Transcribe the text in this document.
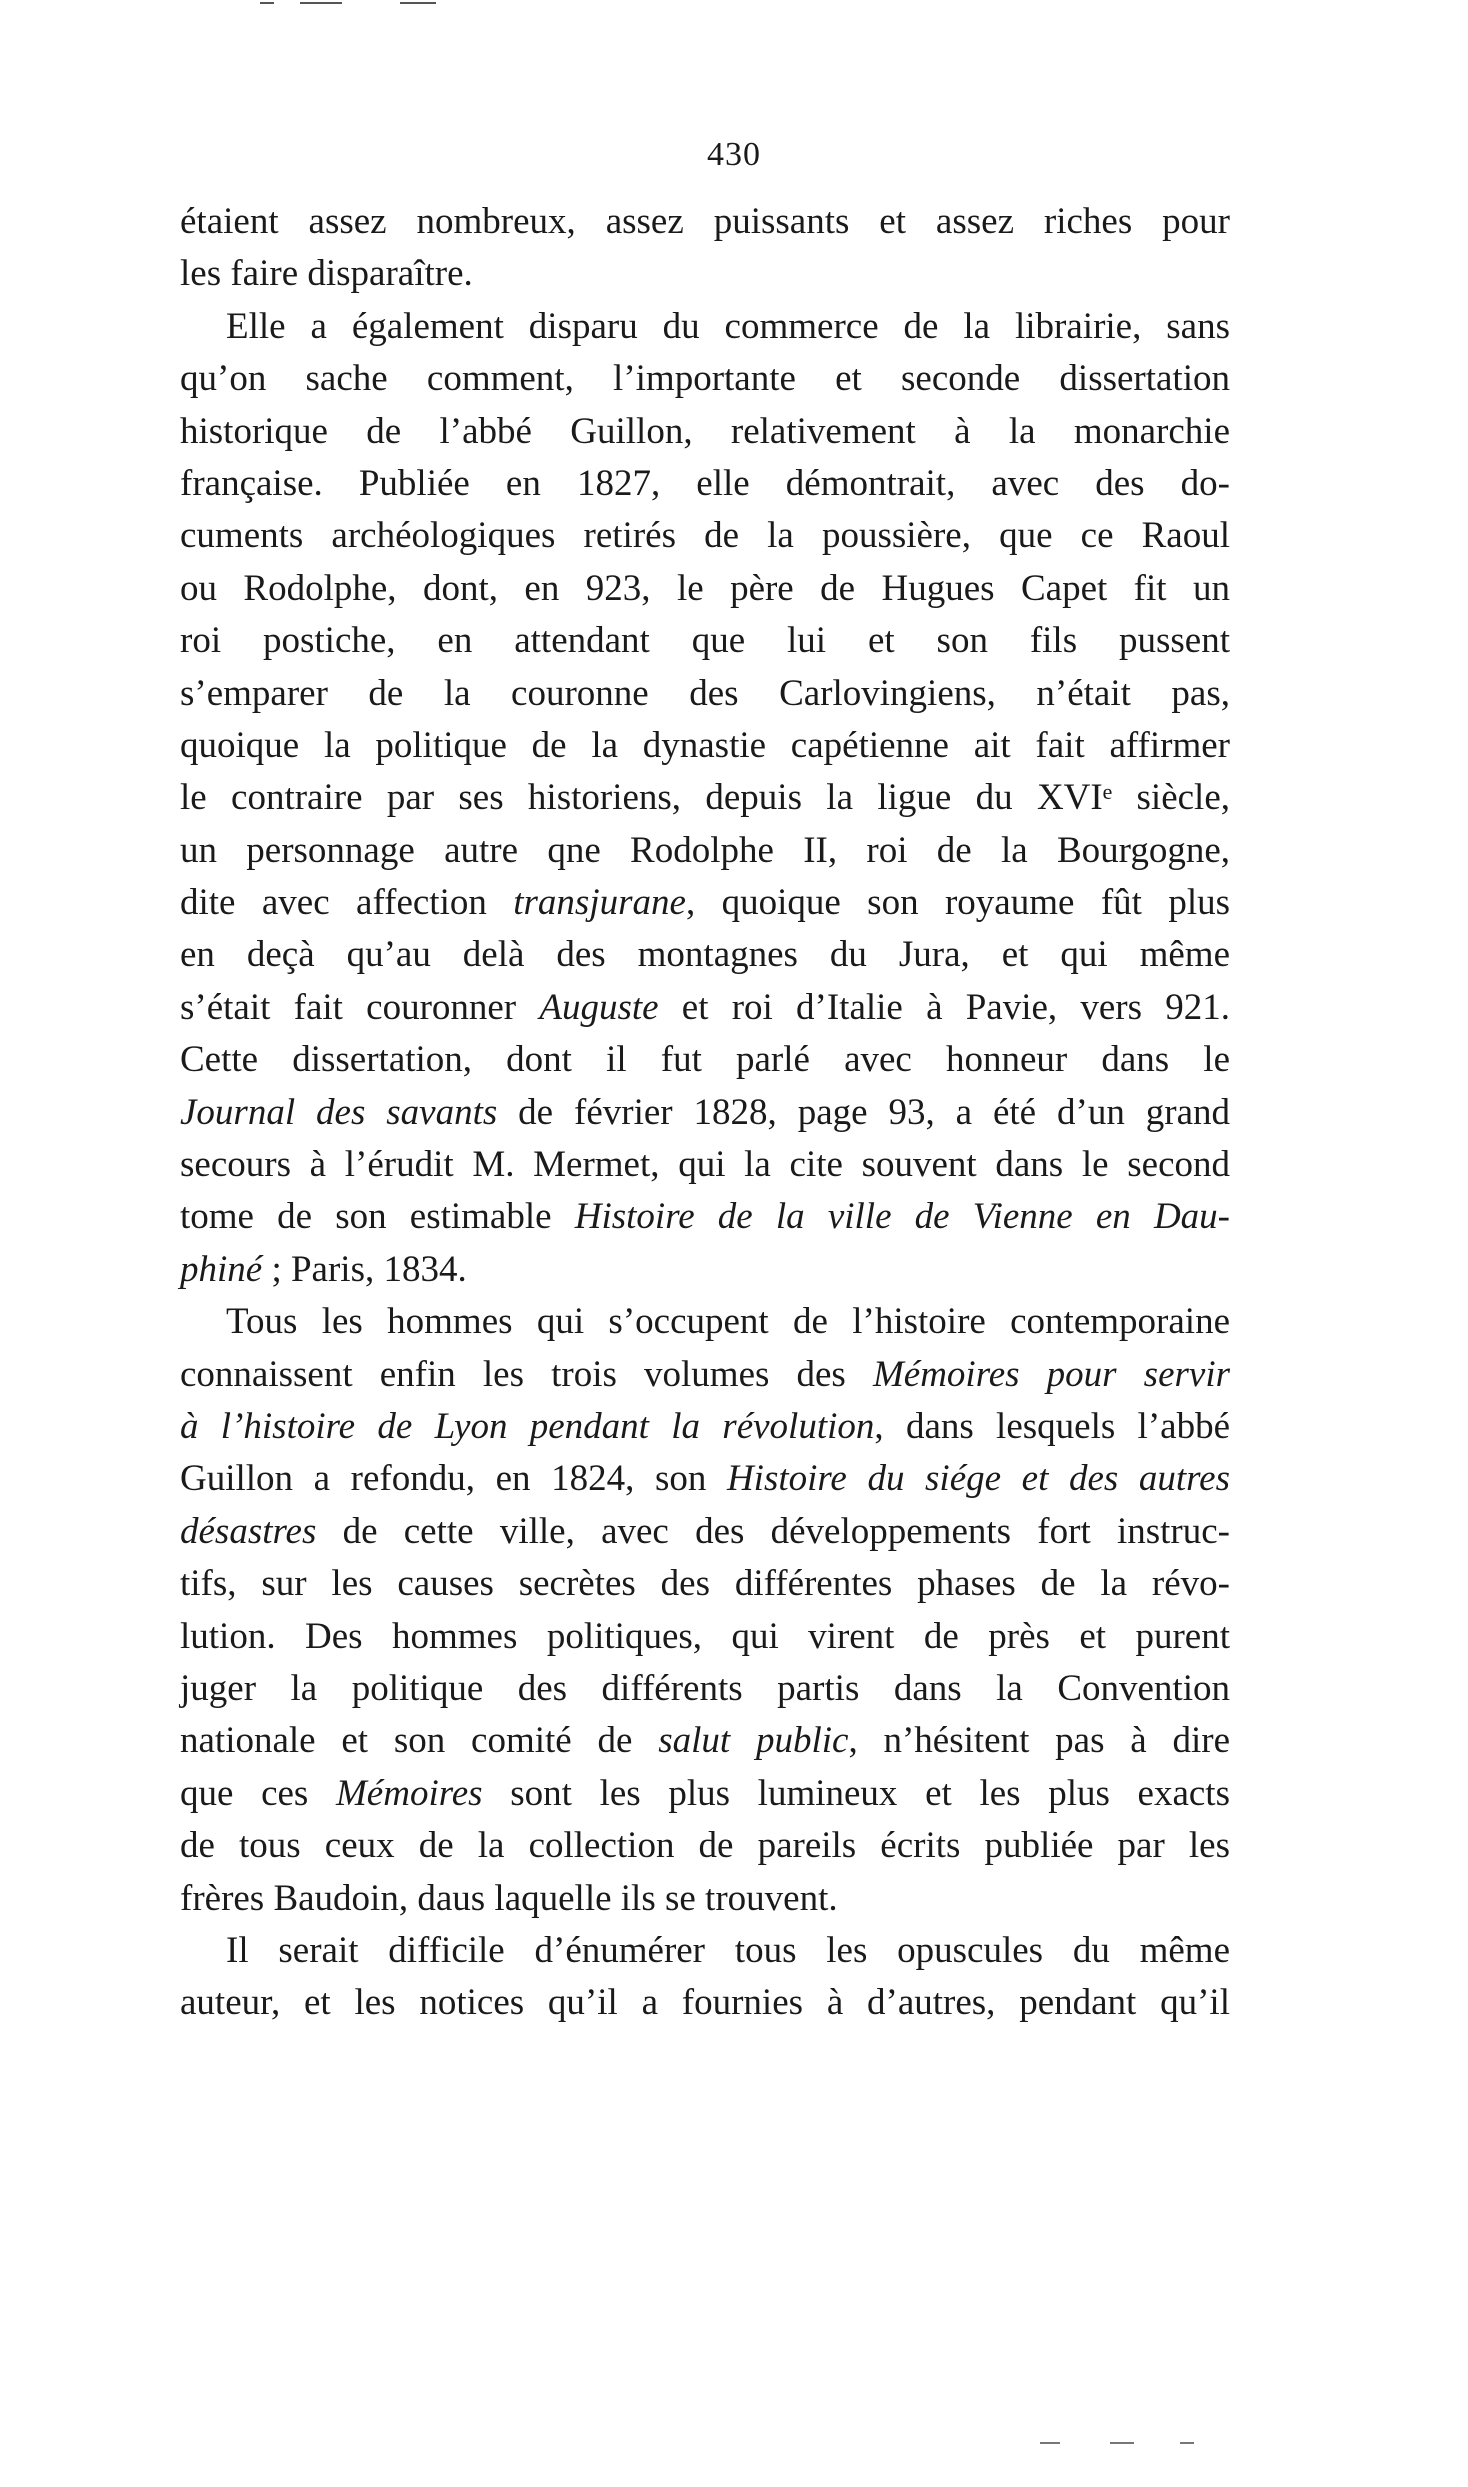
430
étaient assez nombreux, assez puissants et assez riches pour
les faire disparaître.
Elle a également disparu du commerce de la librairie, sans
qu’on sache comment, l’importante et seconde dissertation
historique de l’abbé Guillon, relativement à la monarchie
française. Publiée en 1827, elle démontrait, avec des do-
cuments archéologiques retirés de la poussière, que ce Raoul
ou Rodolphe, dont, en 923, le père de Hugues Capet fit un
roi postiche, en attendant que lui et son fils pussent
s’emparer de la couronne des Carlovingiens, n’était pas,
quoique la politique de la dynastie capétienne ait fait affirmer
le contraire par ses historiens, depuis la ligue du XVIᵉ siècle,
un personnage autre qne Rodolphe II, roi de la Bourgogne,
dite avec affection transjurane, quoique son royaume fût plus
en deçà qu’au delà des montagnes du Jura, et qui même
s’était fait couronner Auguste et roi d’Italie à Pavie, vers 921.
Cette dissertation, dont il fut parlé avec honneur dans le
Journal des savants de février 1828, page 93, a été d’un grand
secours à l’érudit M. Mermet, qui la cite souvent dans le second
tome de son estimable Histoire de la ville de Vienne en Dau-
phiné ; Paris, 1834.
Tous les hommes qui s’occupent de l’histoire contemporaine
connaissent enfin les trois volumes des Mémoires pour servir
à l’histoire de Lyon pendant la révolution, dans lesquels l’abbé
Guillon a refondu, en 1824, son Histoire du siége et des autres
désastres de cette ville, avec des développements fort instruc-
tifs, sur les causes secrètes des différentes phases de la révo-
lution. Des hommes politiques, qui virent de près et purent
juger la politique des différents partis dans la Convention
nationale et son comité de salut public, n’hésitent pas à dire
que ces Mémoires sont les plus lumineux et les plus exacts
de tous ceux de la collection de pareils écrits publiée par les
frères Baudoin, daus laquelle ils se trouvent.
Il serait difficile d’énumérer tous les opuscules du même
auteur, et les notices qu’il a fournies à d’autres, pendant qu’il
